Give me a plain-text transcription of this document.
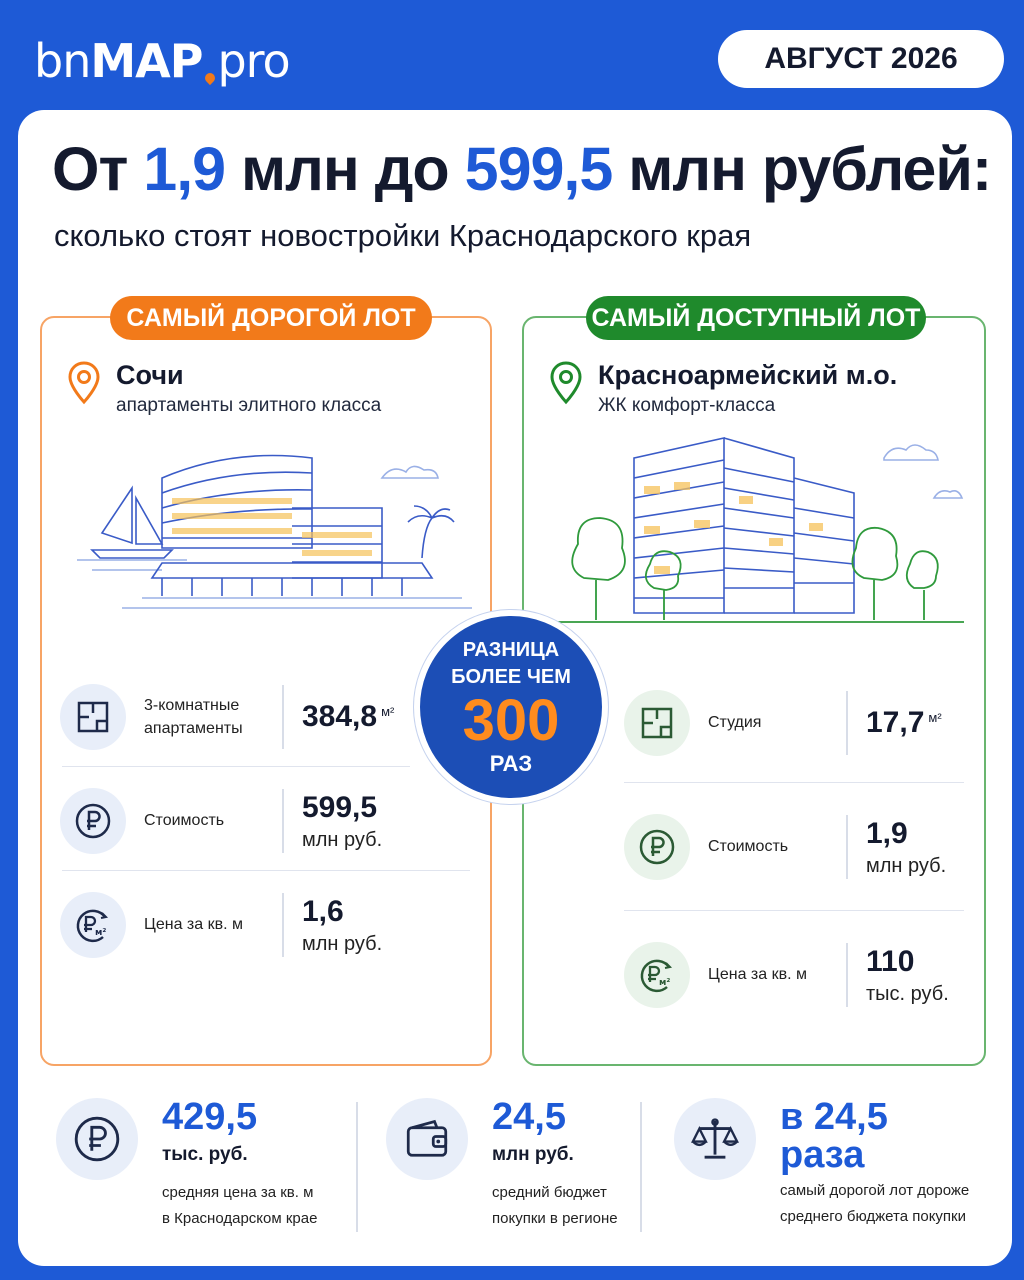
bn MAP pro	АВГУСТ 2026
От 1,9 млн до 599,5 млн рублей:
сколько стоят новостройки Краснодарского края
САМЫЙ ДОРОГОЙ ЛОТ
Сочи
апартаменты элитного класса
3-комнатные апартаменты	384,8 $^{м^2}$
Стоимость	599,5
млн руб.
м² Цена за кв. м	1,6
млн руб.
САМЫЙ ДОСТУПНЫЙ ЛОТ
Красноармейский м.о.
ЖК комфорт-класса
Студия	17,7 $^{м^2}$
Стоимость	1,9
млн руб.
м² Цена за кв. м	110
тыс. руб.
РАЗНИЦА
БОЛЕЕ ЧЕМ
300
РАЗ
429,5
тыс. руб.
средняя цена за кв. м
в Краснодарском крае
24,5
млн руб.
средний бюджет
покупки в регионе
в 24,5 раза
самый дорогой лот дороже
среднего бюджета покупки
